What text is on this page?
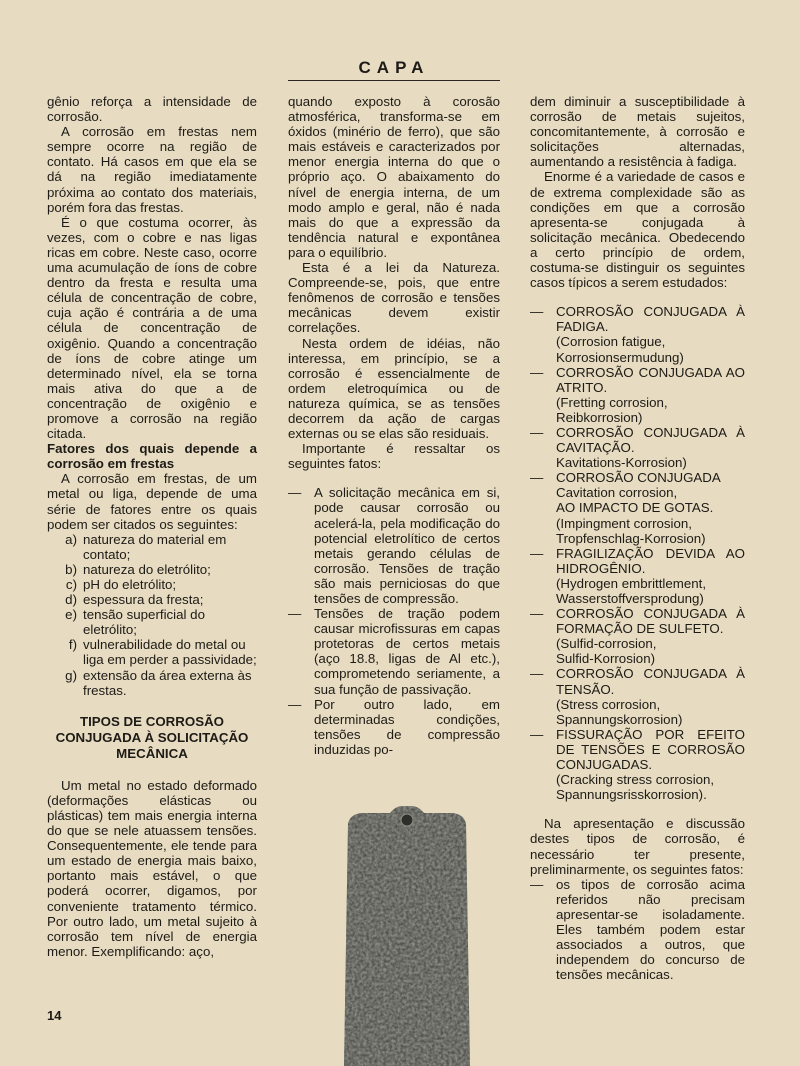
CAPA

gênio reforça a intensidade de corrosão.

A corrosão em frestas nem sempre ocorre na região de contato. Há casos em que ela se dá na região imediatamente próxima ao contato dos materiais, porém fora das frestas.

É o que costuma ocorrer, às vezes, com o cobre e nas ligas ricas em cobre. Neste caso, ocorre uma acumulação de íons de cobre dentro da fresta e resulta uma célula de concentração de cobre, cuja ação é contrária a de uma célula de concentração de oxigênio. Quando a concentração de íons de cobre atinge um determinado nível, ela se torna mais ativa do que a de concentração de oxigênio e promove a corrosão na região citada.

Fatores dos quais depende a corrosão em frestas

A corrosão em frestas, de um metal ou liga, depende de uma série de fatores entre os quais podem ser citados os seguintes:

a) natureza do material em contato;
b) natureza do eletrólito;
c) pH do eletrólito;
d) espessura da fresta;
e) tensão superficial do eletrólito;
f) vulnerabilidade do metal ou liga em perder a passividade;
g) extensão da área externa às frestas.

TIPOS DE CORROSÃO CONJUGADA À SOLICITAÇÃO MECÂNICA

Um metal no estado deformado (deformações elásticas ou plásticas) tem mais energia interna do que se nele atuassem tensões. Consequentemente, ele tende para um estado de energia mais baixo, portanto mais estável, o que poderá ocorrer, digamos, por conveniente tratamento térmico. Por outro lado, um metal sujeito à corrosão tem nível de energia menor. Exemplificando: aço,

quando exposto à corosão atmosférica, transforma-se em óxidos (minério de ferro), que são mais estáveis e caracterizados por menor energia interna do que o próprio aço. O abaixamento do nível de energia interna, de um modo amplo e geral, não é nada mais do que a expressão da tendência natural e expontânea para o equilíbrio.

Esta é a lei da Natureza. Compreende-se, pois, que entre fenômenos de corrosão e tensões mecânicas devem existir correlações.

Nesta ordem de idéias, não interessa, em princípio, se a corrosão é essencialmente de ordem eletroquímica ou de natureza química, se as tensões decorrem da ação de cargas externas ou se elas são residuais.

Importante é ressaltar os seguintes fatos:

— A solicitação mecânica em si, pode causar corrosão ou acelerá-la, pela modificação do potencial eletrolítico de certos metais gerando células de corrosão. Tensões de tração são mais perniciosas do que tensões de compressão.
— Tensões de tração podem causar microfissuras em capas protetoras de certos metais (aço 18.8, ligas de Al etc.), comprometendo seriamente, a sua função de passivação.
— Por outro lado, em determinadas condições, tensões de compressão induzidas po-

dem diminuir a susceptibilidade à corrosão de metais sujeitos, concomitantemente, à corrosão e solicitações alternadas, aumentando a resistência à fadiga.

Enorme é a variedade de casos e de extrema complexidade são as condições em que a corrosão apresenta-se conjugada à solicitação mecânica. Obedecendo a certo princípio de ordem, costuma-se distinguir os seguintes casos típicos a serem estudados:

— CORROSÃO CONJUGADA À FADIGA.
(Corrosion fatigue,
Korrosionsermudung)
— CORROSÃO CONJUGADA AO ATRITO.
(Fretting corrosion,
Reibkorrosion)
— CORROSÃO CONJUGADA À CAVITAÇÃO.
Kavitations-Korrosion)
— CORROSÃO CONJUGADA
Cavitation corrosion,
AO IMPACTO DE GOTAS.
(Impingment corrosion,
Tropfenschlag-Korrosion)
— FRAGILIZAÇÃO DEVIDA AO HIDROGÊNIO.
(Hydrogen embrittlement,
Wasserstoffversprodung)
— CORROSÃO CONJUGADA À FORMAÇÃO DE SULFETO.
(Sulfid-corrosion,
Sulfid-Korrosion)
— CORROSÃO CONJUGADA À TENSÃO.
(Stress corrosion,
Spannungskorrosion)
— FISSURAÇÃO POR EFEITO DE TENSÕES E CORROSÃO CONJUGADAS.
(Cracking stress corrosion,
Spannungsrisskorrosion).

Na apresentação e discussão destes tipos de corrosão, é necessário ter presente, preliminarmente, os seguintes fatos:

— os tipos de corrosão acima referidos não precisam apresentar-se isoladamente. Eles também podem estar associados a outros, que independem do concurso de tensões mecânicas.
14
